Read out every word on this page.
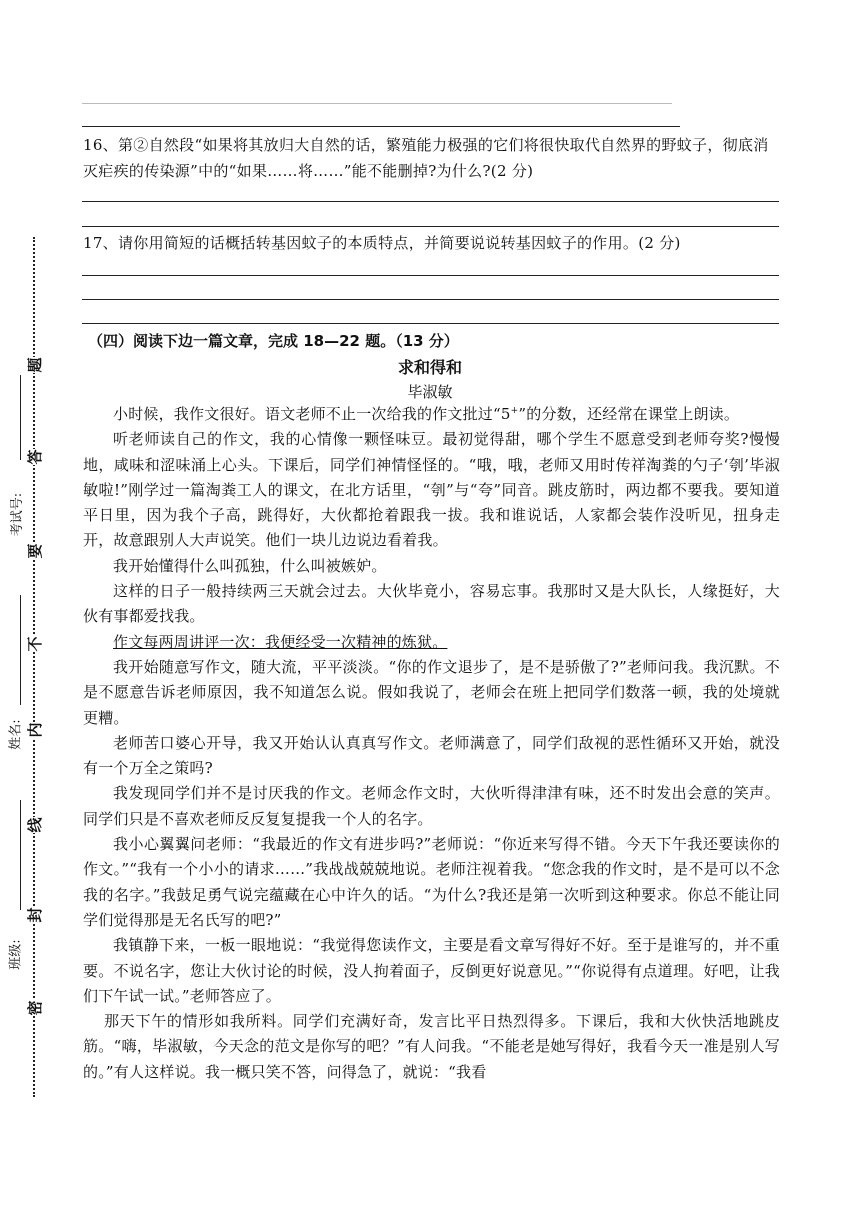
16、第②自然段“如果将其放归大自然的话，繁殖能力极强的它们将很快取代自然界的野蚊子，彻底消灭疟疾的传染源”中的“如果……将……”能不能删掉?为什么?(2 分)
17、请你用简短的话概括转基因蚊子的本质特点，并简要说说转基因蚊子的作用。(2 分)
（四）阅读下边一篇文章，完成 18—22 题。（13 分）
求和得和
毕淑敏

小时候，我作文很好。语文老师不止一次给我的作文批过“5+”的分数，还经常在课堂上朗读。

听老师读自己的作文，我的心情像一颗怪味豆。最初觉得甜，哪个学生不愿意受到老师夸奖?慢慢地，咸味和涩味涌上心头。下课后，同学们神情怪怪的。“哦，哦，老师又用时传祥淘粪的勺子‘刳’毕淑敏啦!”刚学过一篇淘粪工人的课文，在北方话里，“刳”与“夸”同音。跳皮筋时，两边都不要我。要知道平日里，因为我个子高，跳得好，大伙都抢着跟我一拔。我和谁说话，人家都会装作没听见，扭身走开，故意跟别人大声说笑。他们一块儿边说边看着我。

我开始懂得什么叫孤独，什么叫被嫉妒。

这样的日子一般持续两三天就会过去。大伙毕竟小，容易忘事。我那时又是大队长，人缘挺好，大伙有事都爱找我。

作文每两周讲评一次：我便经受一次精神的炼狱。

我开始随意写作文，随大流，平平淡淡。“你的作文退步了，是不是骄傲了?”老师问我。我沉默。不是不愿意告诉老师原因，我不知道怎么说。假如我说了，老师会在班上把同学们数落一顿，我的处境就更糟。

老师苦口婆心开导，我又开始认认真真写作文。老师满意了，同学们敌视的恶性循环又开始，就没有一个万全之策吗?

我发现同学们并不是讨厌我的作文。老师念作文时，大伙听得津津有味，还不时发出会意的笑声。同学们只是不喜欢老师反反复复提我一个人的名字。

我小心翼翼问老师：“我最近的作文有进步吗?”老师说：“你近来写得不错。今天下午我还要读你的作文。”“我有一个小小的请求……”我战战兢兢地说。老师注视着我。“您念我的作文时，是不是可以不念我的名字。”我鼓足勇气说完蕴藏在心中许久的话。“为什么?我还是第一次听到这种要求。你总不能让同学们觉得那是无名氏写的吧?”

我镇静下来，一板一眼地说：“我觉得您读作文，主要是看文章写得好不好。至于是谁写的，并不重要。不说名字，您让大伙讨论的时候，没人拘着面子，反倒更好说意见。”“你说得有点道理。好吧，让我们下午试一试。”老师答应了。

那天下午的情形如我所料。同学们充满好奇，发言比平日热烈得多。下课后，我和大伙快活地跳皮筋。“嗨，毕淑敏，今天念的范文是你写的吧？”有人问我。“不能老是她写得好，我看今天一准是别人写的。”有人这样说。我一概只笑不答，问得急了，就说：“我看

题
答
要
不
内
线
封
密
考试号:
姓名:
班级:
